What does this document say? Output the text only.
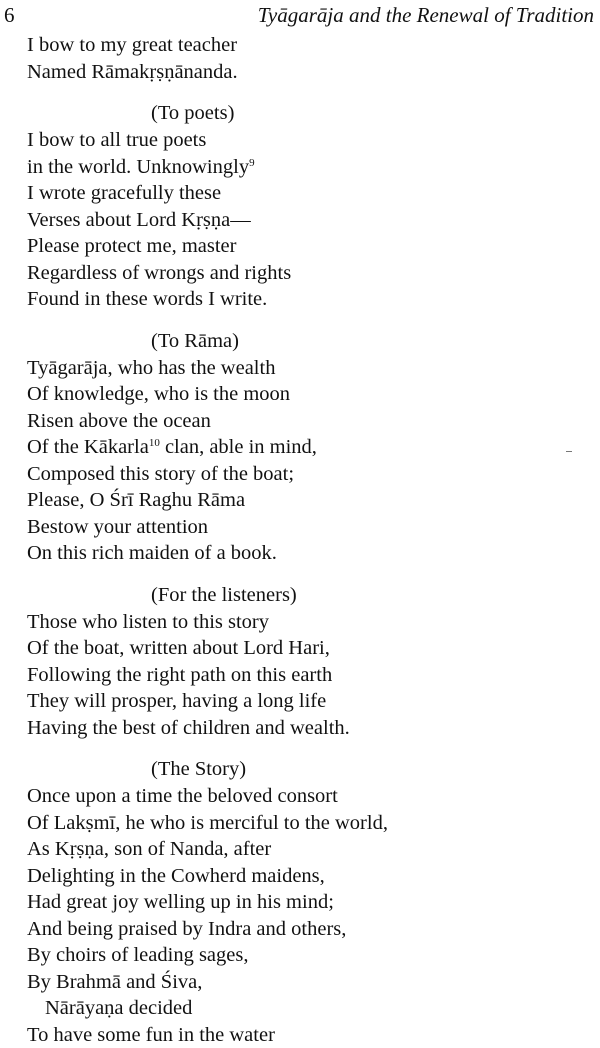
6	Tyāgarāja and the Renewal of Tradition
I bow to my great teacher
Named Rāmakṛṣṇānanda.
(To poets)
I bow to all true poets
in the world. Unknowingly$^9$
I wrote gracefully these
Verses about Lord Kṛṣṇa—
Please protect me, master
Regardless of wrongs and rights
Found in these words I write.
(To Rāma)
Tyāgarāja, who has the wealth
Of knowledge, who is the moon
Risen above the ocean
Of the Kākarla$^{10}$ clan, able in mind,
Composed this story of the boat;
Please, O Śrī Raghu Rāma
Bestow your attention
On this rich maiden of a book.
(For the listeners)
Those who listen to this story
Of the boat, written about Lord Hari,
Following the right path on this earth
They will prosper, having a long life
Having the best of children and wealth.
(The Story)
Once upon a time the beloved consort
Of Lakṣmī, he who is merciful to the world,
As Kṛṣṇa, son of Nanda, after
Delighting in the Cowherd maidens,
Had great joy welling up in his mind;
And being praised by Indra and others,
By choirs of leading sages,
By Brahmā and Śiva,
Nārāyaṇa decided
To have some fun in the water
